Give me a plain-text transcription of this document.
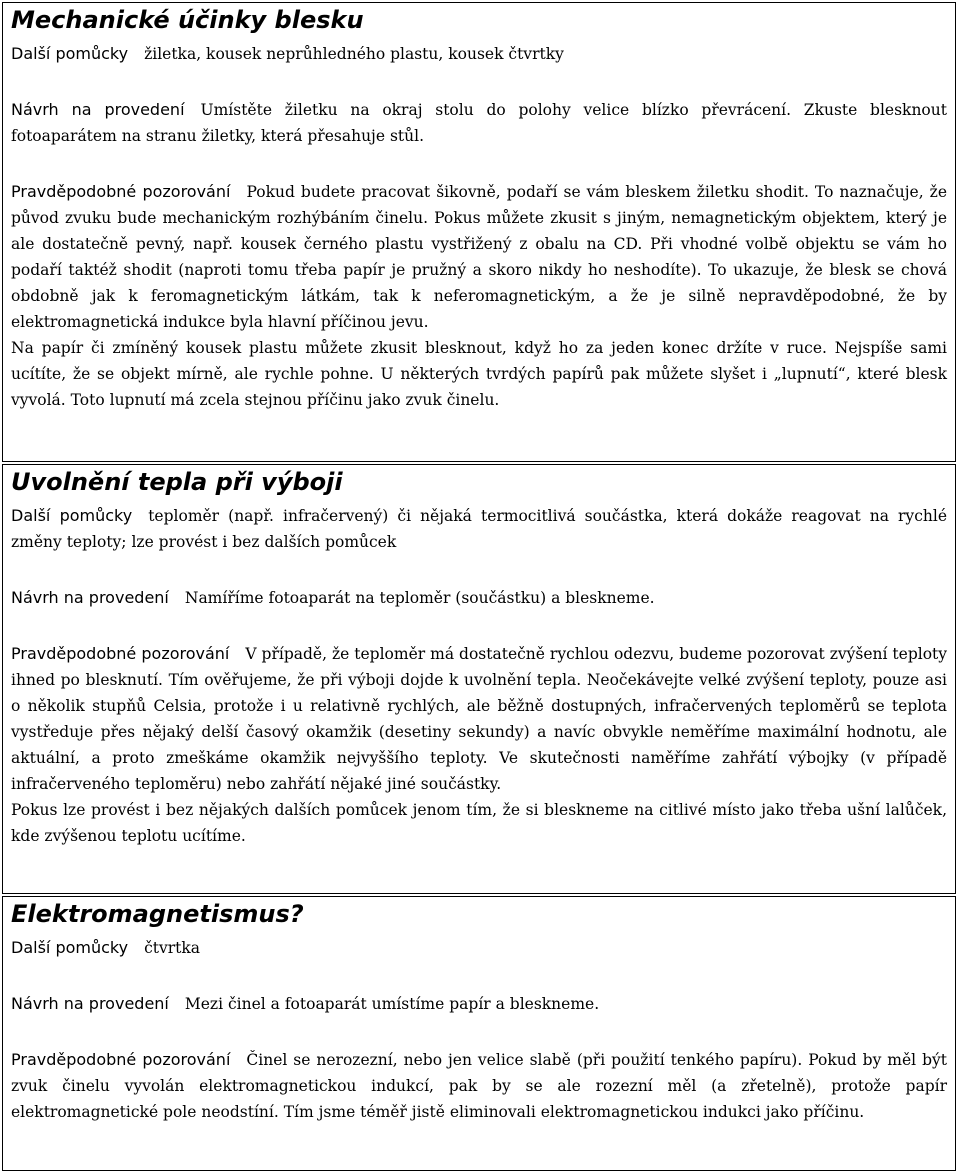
Mechanické účinky blesku

Další pomůcky žiletka, kousek neprůhledného plastu, kousek čtvrtky

Návrh na provedení Umístěte žiletku na okraj stolu do polohy velice blízko převrácení. Zkuste blesknout fotoaparátem na stranu žiletky, která přesahuje stůl.

Pravděpodobné pozorování Pokud budete pracovat šikovně, podaří se vám bleskem žiletku shodit. To naznačuje, že původ zvuku bude mechanickým rozhýbáním činelu. Pokus můžete zkusit s jiným, nemagnetickým objektem, který je ale dostatečně pevný, např. kousek černého plastu vystřižený z obalu na CD. Při vhodné volbě objektu se vám ho podaří taktéž shodit (naproti tomu třeba papír je pružný a skoro nikdy ho neshodíte). To ukazuje, že blesk se chová obdobně jak k feromagnetickým látkám, tak k neferomagnetickým, a že je silně nepravděpodobné, že by elektromagnetická indukce byla hlavní příčinou jevu.

Na papír či zmíněný kousek plastu můžete zkusit blesknout, když ho za jeden konec držíte v ruce. Nejspíše sami ucítíte, že se objekt mírně, ale rychle pohne. U některých tvrdých papírů pak můžete slyšet i „lupnutí“, které blesk vyvolá. Toto lupnutí má zcela stejnou příčinu jako zvuk činelu.

Uvolnění tepla při výboji

Další pomůcky teploměr (např. infračervený) či nějaká termocitlivá součástka, která dokáže reagovat na rychlé změny teploty; lze provést i bez dalších pomůcek

Návrh na provedení Namíříme fotoaparát na teploměr (součástku) a bleskneme.

Pravděpodobné pozorování V případě, že teploměr má dostatečně rychlou odezvu, budeme pozorovat zvýšení teploty ihned po blesknutí. Tím ověřujeme, že při výboji dojde k uvolnění tepla. Neočekávejte velké zvýšení teploty, pouze asi o několik stupňů Celsia, protože i u relativně rychlých, ale běžně dostupných, infračervených teploměrů se teplota vystředuje přes nějaký delší časový okamžik (desetiny sekundy) a navíc obvykle neměříme maximální hodnotu, ale aktuální, a proto zmeškáme okamžik nejvyššího teploty. Ve skutečnosti naměříme zahřátí výbojky (v případě infračerveného teploměru) nebo zahřátí nějaké jiné součástky.

Pokus lze provést i bez nějakých dalších pomůcek jenom tím, že si bleskneme na citlivé místo jako třeba ušní lalůček, kde zvýšenou teplotu ucítíme.

Elektromagnetismus?

Další pomůcky čtvrtka

Návrh na provedení Mezi činel a fotoaparát umístíme papír a bleskneme.

Pravděpodobné pozorování Činel se nerozezní, nebo jen velice slabě (při použití tenkého papíru). Pokud by měl být zvuk činelu vyvolán elektromagnetickou indukcí, pak by se ale rozezní měl (a zřetelně), protože papír elektromagnetické pole neodstíní. Tím jsme téměř jistě eliminovali elektromagnetickou indukci jako příčinu.
